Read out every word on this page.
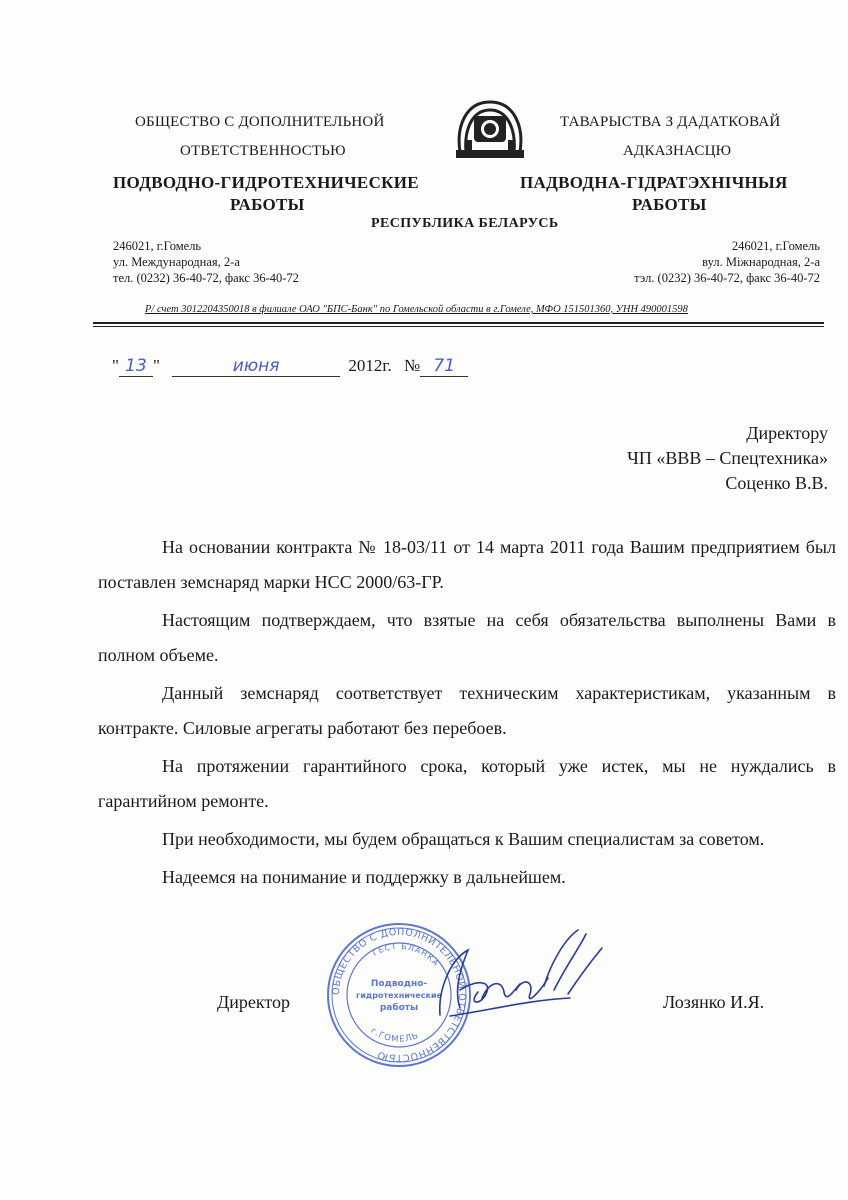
ОБЩЕСТВО С ДОПОЛНИТЕЛЬНОЙ
ОТВЕТСТВЕННОСТЬЮ
ПОДВОДНО-ГИДРОТЕХНИЧЕСКИЕ
РАБОТЫ
ТАВАРЫСТВА З ДАДАТКОВАЙ
АДКАЗНАСЦЮ
ПАДВОДНА-ГІДРАТЭХНІЧНЫЯ
РАБОТЫ
РЕСПУБЛИКА БЕЛАРУСЬ
246021, г.Гомель
ул. Международная, 2-а
тел. (0232) 36-40-72, факс 36-40-72
246021, г.Гомель
вул. Міжнародная, 2-а
тэл. (0232) 36-40-72, факс 36-40-72
Р/ счет 3012204350018 в филиале ОАО "БПС-Банк" по Гомельской области в г.Гомеле, МФО 151501360, УНН 490001598
" 13 "	июня	2012г. № 71
Директору
ЧП «ВВВ – Спецтехника»
Соценко В.В.

На основании контракта № 18-03/11 от 14 марта 2011 года Вашим предприятием был поставлен земснаряд марки НСС 2000/63-ГР.

Настоящим подтверждаем, что взятые на себя обязательства выполнены Вами в полном объеме.

Данный земснаряд соответствует техническим характеристикам, указанным в контракте. Силовые агрегаты работают без перебоев.

На протяжении гарантийного срока, который уже истек, мы не нуждались в гарантийном ремонте.

При необходимости, мы будем обращаться к Вашим специалистам за советом.

Надеемся на понимание и поддержку в дальнейшем.

Директор	Лозянко И.Я.
ОБЩЕСТВО С ДОПОЛНИТЕЛЬНОЙ ОТВЕТСТВЕННОСТЬЮ
ГЕСТ БЛАНКА
г.ГОМЕЛЬ
Подводно-
гидротехнические
работы
